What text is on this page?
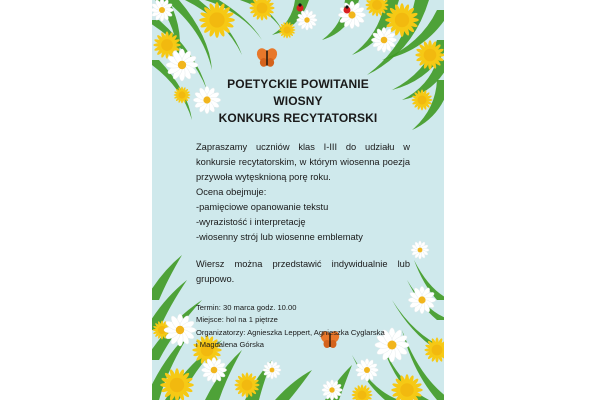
POETYCKIE POWITANIE
WIOSNY
KONKURS RECYTATORSKI
Zapraszamy uczniów klas I-III do udziału w konkursie recytatorskim, w którym wiosenna poezja przywoła wytęsknioną porę roku.
Ocena obejmuje:
-pamięciowe opanowanie tekstu
-wyrazistość i interpretację
-wiosenny strój lub wiosenne emblematy
Wiersz można przedstawić indywidualnie lub grupowo.
Termin: 30 marca godz. 10.00
Miejsce: hol na 1 piętrze
Organizatorzy: Agnieszka Leppert, Agnieszka Cyglarska
i Magdalena Górska
